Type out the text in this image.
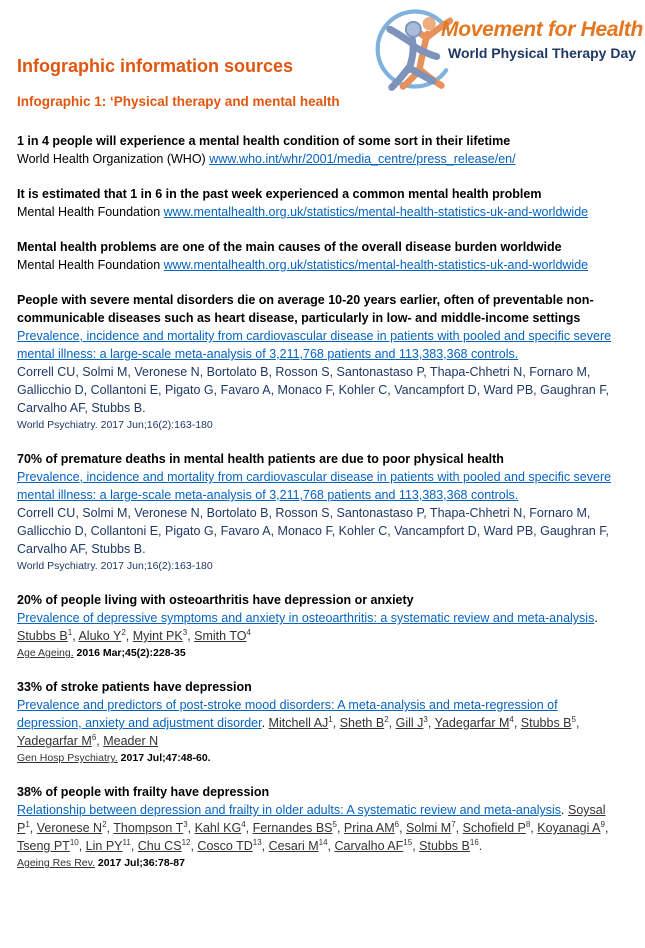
Movement for Health
World Physical Therapy Day
Infographic information sources
Infographic 1: ‘Physical therapy and mental health

1 in 4 people will experience a mental health condition of some sort in their lifetime

World Health Organization (WHO) www.who.int/whr/2001/media_centre/press_release/en/

It is estimated that 1 in 6 in the past week experienced a common mental health problem

Mental Health Foundation www.mentalhealth.org.uk/statistics/mental-health-statistics-uk-and-worldwide

Mental health problems are one of the main causes of the overall disease burden worldwide

Mental Health Foundation www.mentalhealth.org.uk/statistics/mental-health-statistics-uk-and-worldwide

People with severe mental disorders die on average 10-20 years earlier, often of preventable non-communicable diseases such as heart disease, particularly in low- and middle-income settings

Prevalence, incidence and mortality from cardiovascular disease in patients with pooled and specific severe mental illness: a large-scale meta-analysis of 3,211,768 patients and 113,383,368 controls.

Correll CU, Solmi M, Veronese N, Bortolato B, Rosson S, Santonastaso P, Thapa-Chhetri N, Fornaro M, Gallicchio D, Collantoni E, Pigato G, Favaro A, Monaco F, Kohler C, Vancampfort D, Ward PB, Gaughran F, Carvalho AF, Stubbs B.

World Psychiatry. 2017 Jun;16(2):163-180

70% of premature deaths in mental health patients are due to poor physical health

Prevalence, incidence and mortality from cardiovascular disease in patients with pooled and specific severe mental illness: a large-scale meta-analysis of 3,211,768 patients and 113,383,368 controls.

Correll CU, Solmi M, Veronese N, Bortolato B, Rosson S, Santonastaso P, Thapa-Chhetri N, Fornaro M, Gallicchio D, Collantoni E, Pigato G, Favaro A, Monaco F, Kohler C, Vancampfort D, Ward PB, Gaughran F, Carvalho AF, Stubbs B.

World Psychiatry. 2017 Jun;16(2):163-180

20% of people living with osteoarthritis have depression or anxiety

Prevalence of depressive symptoms and anxiety in osteoarthritis: a systematic review and meta-analysis. Stubbs $B^1$, Aluko $Y^2$, Myint $PK^3$, Smith $TO^4$

Age Ageing. 2016 Mar;45(2):228-35

33% of stroke patients have depression

Prevalence and predictors of post-stroke mood disorders: A meta-analysis and meta-regression of depression, anxiety and adjustment disorder. Mitchell $AJ^1$, Sheth $B^2$, Gill $J^3$, Yadegarfar $M^4$, Stubbs $B^5$, Yadegarfar $M^6$, Meader N

Gen Hosp Psychiatry. 2017 Jul;47:48-60.

38% of people with frailty have depression

Relationship between depression and frailty in older adults: A systematic review and meta-analysis. Soysal $P^1$, Veronese $N^2$, Thompson $T^3$, Kahl $KG^4$, Fernandes $BS^5$, Prina $AM^6$, Solmi $M^7$, Schofield $P^8$, Koyanagi $A^9$, Tseng PT$^{10}$, Lin PY$^{11}$, Chu CS$^{12}$, Cosco TD$^{13}$, Cesari $M^{14}$, Carvalho AF$^{15}$, Stubbs $B^{16}$.

Ageing Res Rev. 2017 Jul;36:78-87
